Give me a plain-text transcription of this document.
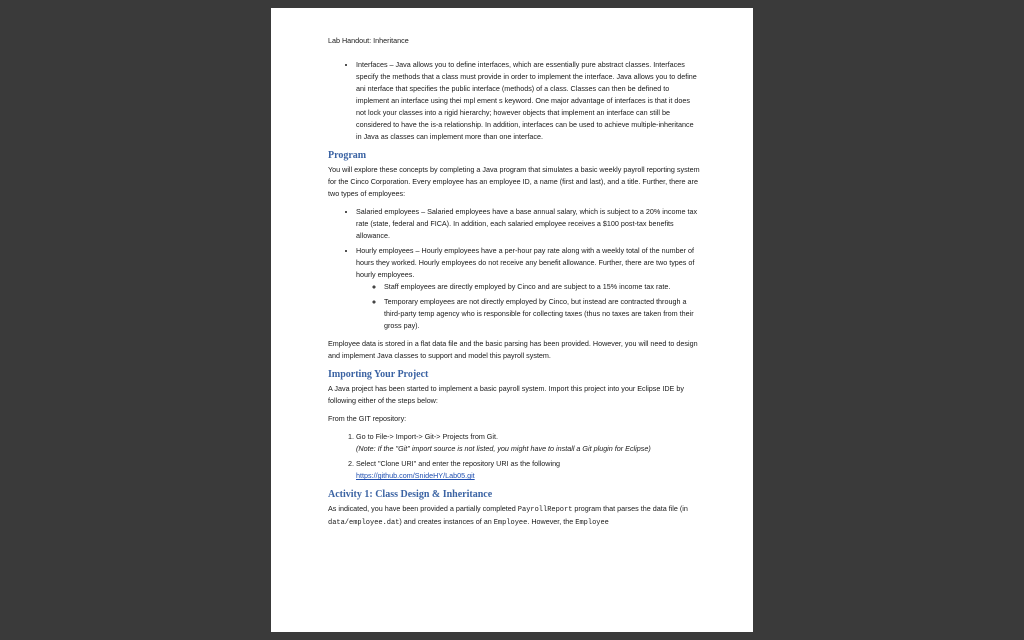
Lab Handout: Inheritance
• Interfaces – Java allows you to define interfaces, which are essentially pure abstract classes. Interfaces specify the methods that a class must provide in order to implement the interface. Java allows you to define ani nterface that specifies the public interface (methods) of a class. Classes can then be defined to implement an interface using thei mpl ement s keyword. One major advantage of interfaces is that it does not lock your classes into a rigid hierarchy; however objects that implement an interface can still be considered to have the is-a relationship. In addition, interfaces can be used to achieve multiple-inheritance in Java as classes can implement more than one interface.
Program

You will explore these concepts by completing a Java program that simulates a basic weekly payroll reporting system for the Cinco Corporation. Every employee has an employee ID, a name (first and last), and a title. Further, there are two types of employees:

• Salaried employees – Salaried employees have a base annual salary, which is subject to a 20% income tax rate (state, federal and FICA). In addition, each salaried employee receives a $100 post-tax benefits allowance.
• Hourly employees – Hourly employees have a per-hour pay rate along with a weekly total of the number of hours they worked. Hourly employees do not receive any benefit allowance. Further, there are two types of hourly employees.
◦ Staff employees are directly employed by Cinco and are subject to a 15% income tax rate.
◦ Temporary employees are not directly employed by Cinco, but instead are contracted through a third-party temp agency who is responsible for collecting taxes (thus no taxes are taken from their gross pay).

Employee data is stored in a flat data file and the basic parsing has been provided. However, you will need to design and implement Java classes to support and model this payroll system.

Importing Your Project

A Java project has been started to implement a basic payroll system. Import this project into your Eclipse IDE by following either of the steps below:

From the GIT repository:

1. Go to File-> Import-> Git-> Projects from Git.
(Note: If the "Git" import source is not listed, you might have to install a Git plugin for Eclipse)
2. Select "Clone URI" and enter the repository URI as the following
https://github.com/SnideHY/Lab05.git
Activity 1: Class Design & Inheritance

As indicated, you have been provided a partially completed PayrollReport program that parses the data file (in data/employee.dat) and creates instances of an Employee. However, the Employee
